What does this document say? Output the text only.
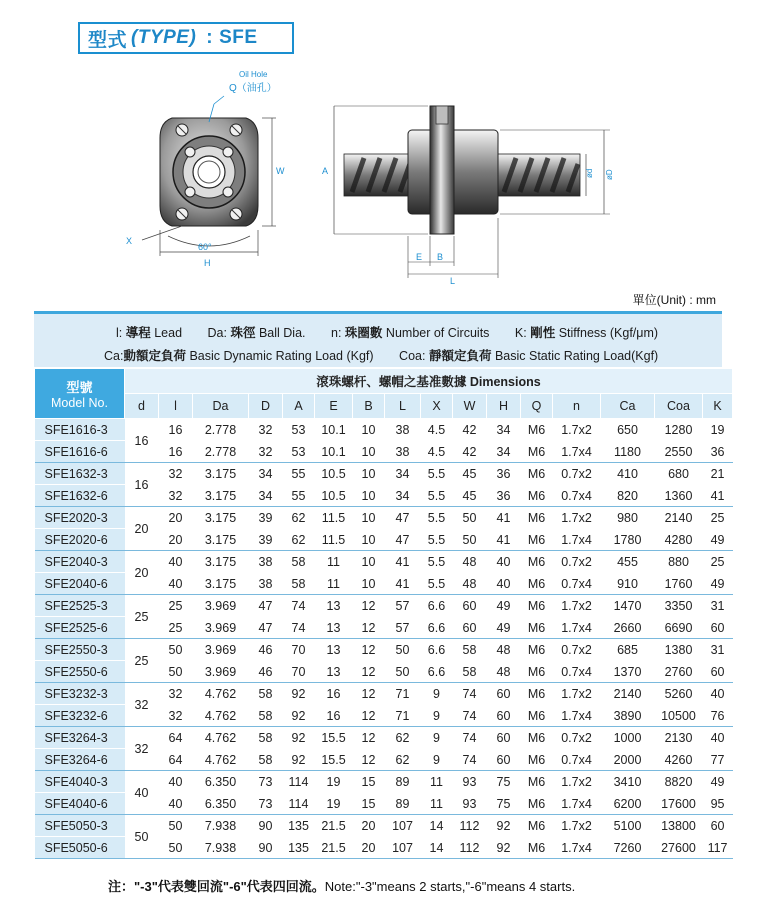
型式 (TYPE) : SFE
Oil Hole
Q（油孔）
W
X
60°
H
A
E B
L
ød øD
單位(Unit) : mm
l: 導程 Lead Da: 珠徑 Ball Dia. n: 珠圈數 Number of Circuits K: 剛性 Stiffness (Kgf/μm)
Ca:動額定負荷 Basic Dynamic Rating Load (Kgf) Coa: 靜額定負荷 Basic Static Rating Load(Kgf)
型號
Model No.	滾珠螺杆、螺帽之基准數據 Dimensions															
	d	l	Da	D	A	E	B	L	X	W	H	Q	n	Ca	Coa	K
SFE1616-3	16	16	2.778	32	53	10.1	10	38	4.5	42	34	M6	1.7x2	650	1280	19
SFE1616-6		16	2.778	32	53	10.1	10	38	4.5	42	34	M6	1.7x4	1180	2550	36
SFE1632-3	16	32	3.175	34	55	10.5	10	34	5.5	45	36	M6	0.7x2	410	680	21
SFE1632-6		32	3.175	34	55	10.5	10	34	5.5	45	36	M6	0.7x4	820	1360	41
SFE2020-3	20	20	3.175	39	62	11.5	10	47	5.5	50	41	M6	1.7x2	980	2140	25
SFE2020-6		20	3.175	39	62	11.5	10	47	5.5	50	41	M6	1.7x4	1780	4280	49
SFE2040-3	20	40	3.175	38	58	11	10	41	5.5	48	40	M6	0.7x2	455	880	25
SFE2040-6		40	3.175	38	58	11	10	41	5.5	48	40	M6	0.7x4	910	1760	49
SFE2525-3	25	25	3.969	47	74	13	12	57	6.6	60	49	M6	1.7x2	1470	3350	31
SFE2525-6		25	3.969	47	74	13	12	57	6.6	60	49	M6	1.7x4	2660	6690	60
SFE2550-3	25	50	3.969	46	70	13	12	50	6.6	58	48	M6	0.7x2	685	1380	31
SFE2550-6		50	3.969	46	70	13	12	50	6.6	58	48	M6	0.7x4	1370	2760	60
SFE3232-3	32	32	4.762	58	92	16	12	71	9	74	60	M6	1.7x2	2140	5260	40
SFE3232-6		32	4.762	58	92	16	12	71	9	74	60	M6	1.7x4	3890	10500	76
SFE3264-3	32	64	4.762	58	92	15.5	12	62	9	74	60	M6	0.7x2	1000	2130	40
SFE3264-6		64	4.762	58	92	15.5	12	62	9	74	60	M6	0.7x4	2000	4260	77
SFE4040-3	40	40	6.350	73	114	19	15	89	11	93	75	M6	1.7x2	3410	8820	49
SFE4040-6		40	6.350	73	114	19	15	89	11	93	75	M6	1.7x4	6200	17600	95
SFE5050-3	50	50	7.938	90	135	21.5	20	107	14	112	92	M6	1.7x2	5100	13800	60
SFE5050-6		50	7.938	90	135	21.5	20	107	14	112	92	M6	1.7x4	7260	27600	117
注："-3"代表雙回流"-6"代表四回流。Note:"-3"means 2 starts,"-6"means 4 starts.
